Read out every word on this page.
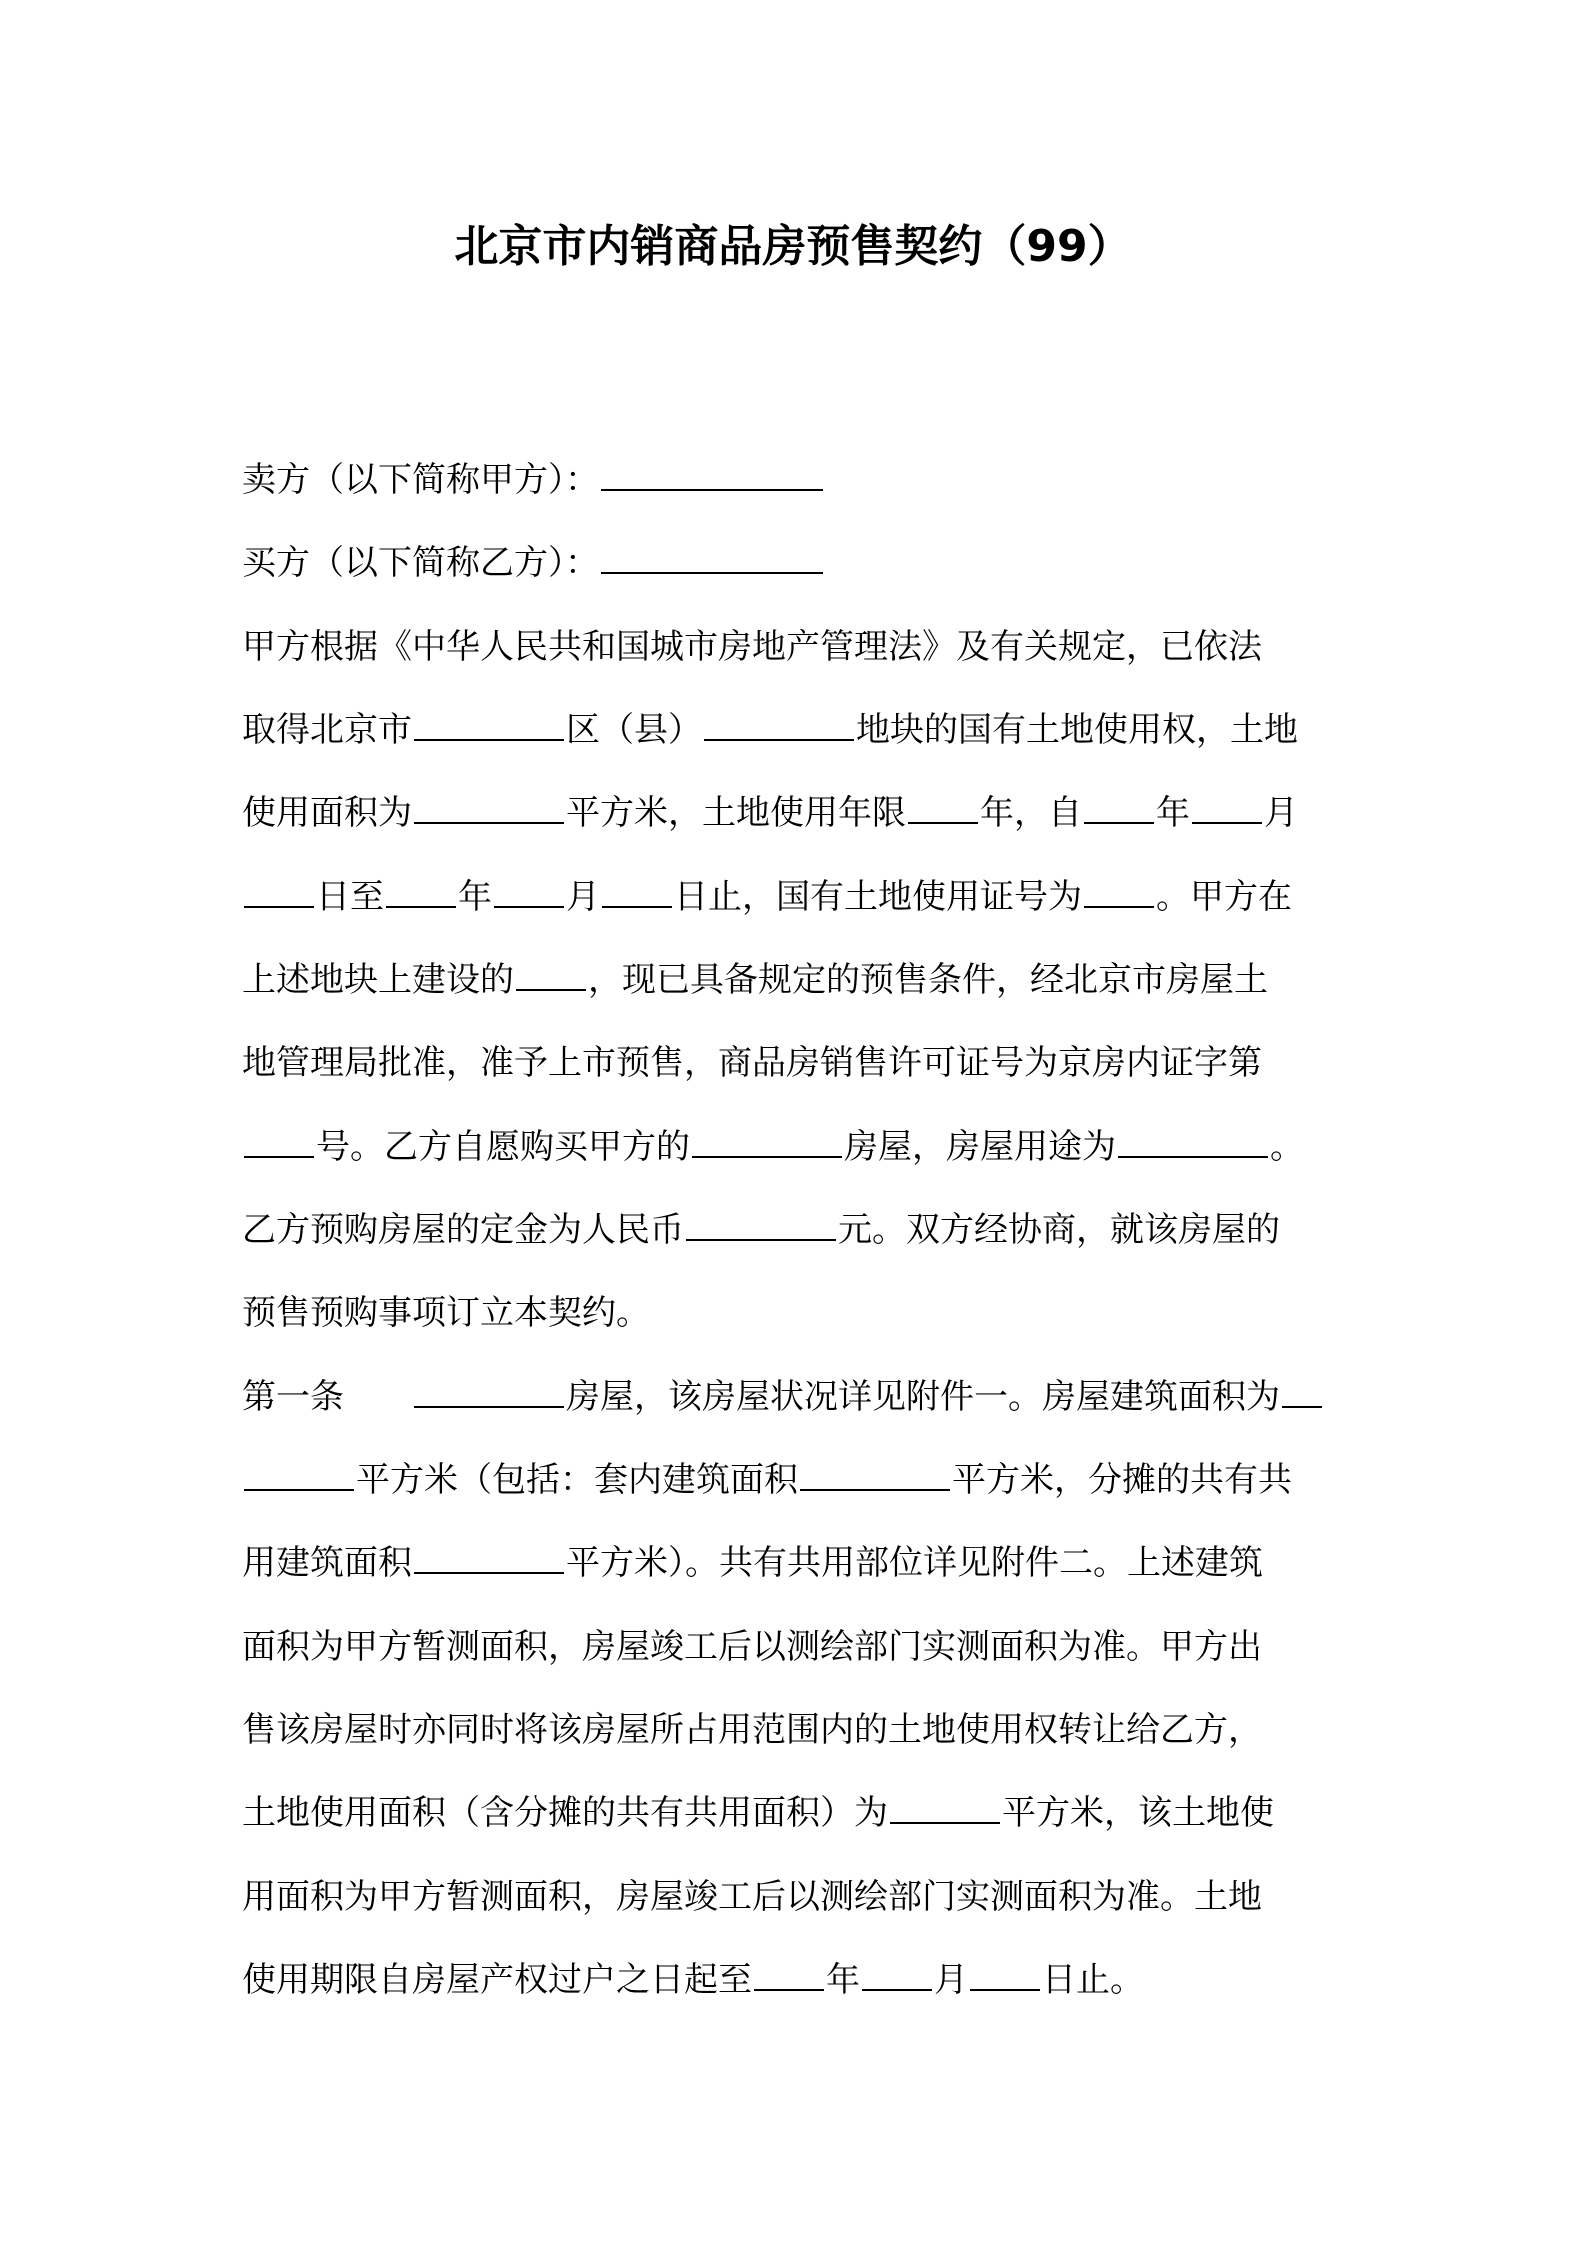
北京市内销商品房预售契约（99）
卖方（以下简称甲方）：
买方（以下简称乙方）：
甲方根据《中华人民共和国城市房地产管理法》及有关规定，已依法
取得北京市	区（县）	地块的国有土地使用权，土地
使用面积为	平方米，土地使用年限 年，自 年 月
日至 年 月 日止，国有土地使用证号为 。甲方在
上述地块上建设的 ，现已具备规定的预售条件，经北京市房屋土
地管理局批准，准予上市预售，商品房销售许可证号为京房内证字第
号。乙方自愿购买甲方的	房屋，房屋用途为	。
乙方预购房屋的定金为人民币	元。双方经协商，就该房屋的
预售预购事项订立本契约。
第一条　　	房屋，该房屋状况详见附件一。房屋建筑面积为
平方米（包括：套内建筑面积	平方米，分摊的共有共
用建筑面积	平方米）。共有共用部位详见附件二。上述建筑
面积为甲方暂测面积，房屋竣工后以测绘部门实测面积为准。甲方出
售该房屋时亦同时将该房屋所占用范围内的土地使用权转让给乙方，
土地使用面积（含分摊的共有共用面积）为	平方米，该土地使
用面积为甲方暂测面积，房屋竣工后以测绘部门实测面积为准。土地
使用期限自房屋产权过户之日起至 年 月 日止。
